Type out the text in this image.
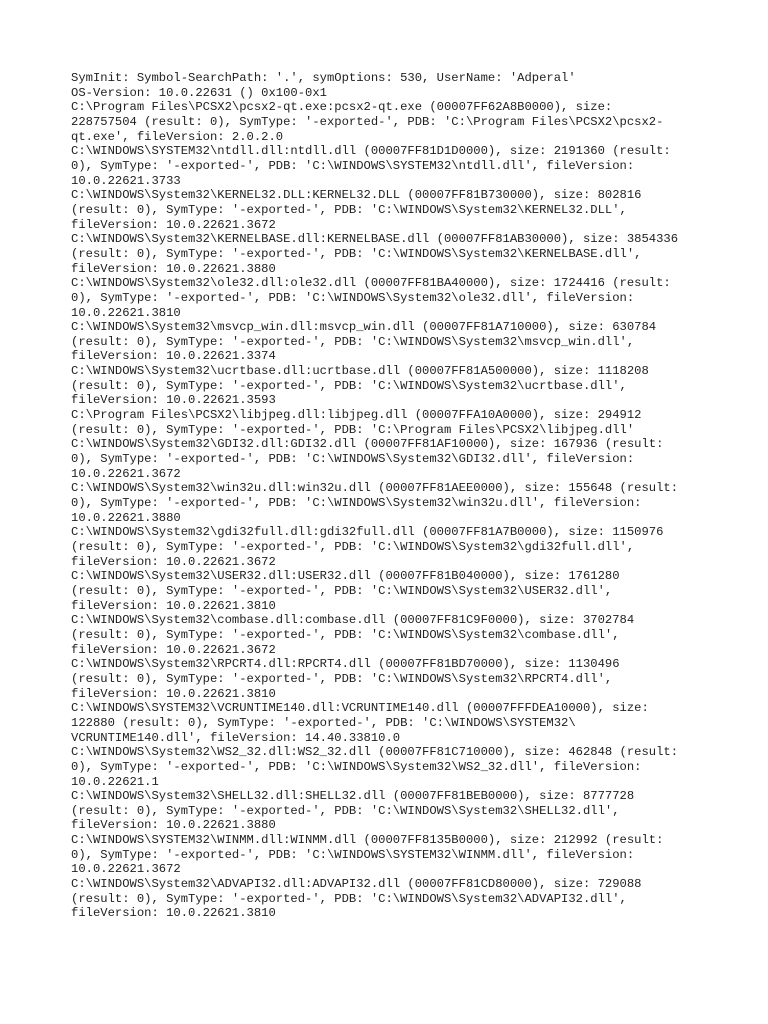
SymInit: Symbol-SearchPath: '.', symOptions: 530, UserName: 'Adperal'
OS-Version: 10.0.22631 () 0x100-0x1
C:\Program Files\PCSX2\pcsx2-qt.exe:pcsx2-qt.exe (00007FF62A8B0000), size:
228757504 (result: 0), SymType: '-exported-', PDB: 'C:\Program Files\PCSX2\pcsx2-
qt.exe', fileVersion: 2.0.2.0
C:\WINDOWS\SYSTEM32\ntdll.dll:ntdll.dll (00007FF81D1D0000), size: 2191360 (result:
0), SymType: '-exported-', PDB: 'C:\WINDOWS\SYSTEM32\ntdll.dll', fileVersion:
10.0.22621.3733
C:\WINDOWS\System32\KERNEL32.DLL:KERNEL32.DLL (00007FF81B730000), size: 802816
(result: 0), SymType: '-exported-', PDB: 'C:\WINDOWS\System32\KERNEL32.DLL',
fileVersion: 10.0.22621.3672
C:\WINDOWS\System32\KERNELBASE.dll:KERNELBASE.dll (00007FF81AB30000), size: 3854336
(result: 0), SymType: '-exported-', PDB: 'C:\WINDOWS\System32\KERNELBASE.dll',
fileVersion: 10.0.22621.3880
C:\WINDOWS\System32\ole32.dll:ole32.dll (00007FF81BA40000), size: 1724416 (result:
0), SymType: '-exported-', PDB: 'C:\WINDOWS\System32\ole32.dll', fileVersion:
10.0.22621.3810
C:\WINDOWS\System32\msvcp_win.dll:msvcp_win.dll (00007FF81A710000), size: 630784
(result: 0), SymType: '-exported-', PDB: 'C:\WINDOWS\System32\msvcp_win.dll',
fileVersion: 10.0.22621.3374
C:\WINDOWS\System32\ucrtbase.dll:ucrtbase.dll (00007FF81A500000), size: 1118208
(result: 0), SymType: '-exported-', PDB: 'C:\WINDOWS\System32\ucrtbase.dll',
fileVersion: 10.0.22621.3593
C:\Program Files\PCSX2\libjpeg.dll:libjpeg.dll (00007FFA10A0000), size: 294912
(result: 0), SymType: '-exported-', PDB: 'C:\Program Files\PCSX2\libjpeg.dll'
C:\WINDOWS\System32\GDI32.dll:GDI32.dll (00007FF81AF10000), size: 167936 (result:
0), SymType: '-exported-', PDB: 'C:\WINDOWS\System32\GDI32.dll', fileVersion:
10.0.22621.3672
C:\WINDOWS\System32\win32u.dll:win32u.dll (00007FF81AEE0000), size: 155648 (result:
0), SymType: '-exported-', PDB: 'C:\WINDOWS\System32\win32u.dll', fileVersion:
10.0.22621.3880
C:\WINDOWS\System32\gdi32full.dll:gdi32full.dll (00007FF81A7B0000), size: 1150976
(result: 0), SymType: '-exported-', PDB: 'C:\WINDOWS\System32\gdi32full.dll',
fileVersion: 10.0.22621.3672
C:\WINDOWS\System32\USER32.dll:USER32.dll (00007FF81B040000), size: 1761280
(result: 0), SymType: '-exported-', PDB: 'C:\WINDOWS\System32\USER32.dll',
fileVersion: 10.0.22621.3810
C:\WINDOWS\System32\combase.dll:combase.dll (00007FF81C9F0000), size: 3702784
(result: 0), SymType: '-exported-', PDB: 'C:\WINDOWS\System32\combase.dll',
fileVersion: 10.0.22621.3672
C:\WINDOWS\System32\RPCRT4.dll:RPCRT4.dll (00007FF81BD70000), size: 1130496
(result: 0), SymType: '-exported-', PDB: 'C:\WINDOWS\System32\RPCRT4.dll',
fileVersion: 10.0.22621.3810
C:\WINDOWS\SYSTEM32\VCRUNTIME140.dll:VCRUNTIME140.dll (00007FFFDEA10000), size:
122880 (result: 0), SymType: '-exported-', PDB: 'C:\WINDOWS\SYSTEM32\
VCRUNTIME140.dll', fileVersion: 14.40.33810.0
C:\WINDOWS\System32\WS2_32.dll:WS2_32.dll (00007FF81C710000), size: 462848 (result:
0), SymType: '-exported-', PDB: 'C:\WINDOWS\System32\WS2_32.dll', fileVersion:
10.0.22621.1
C:\WINDOWS\System32\SHELL32.dll:SHELL32.dll (00007FF81BEB0000), size: 8777728
(result: 0), SymType: '-exported-', PDB: 'C:\WINDOWS\System32\SHELL32.dll',
fileVersion: 10.0.22621.3880
C:\WINDOWS\SYSTEM32\WINMM.dll:WINMM.dll (00007FF8135B0000), size: 212992 (result:
0), SymType: '-exported-', PDB: 'C:\WINDOWS\SYSTEM32\WINMM.dll', fileVersion:
10.0.22621.3672
C:\WINDOWS\System32\ADVAPI32.dll:ADVAPI32.dll (00007FF81CD80000), size: 729088
(result: 0), SymType: '-exported-', PDB: 'C:\WINDOWS\System32\ADVAPI32.dll',
fileVersion: 10.0.22621.3810
